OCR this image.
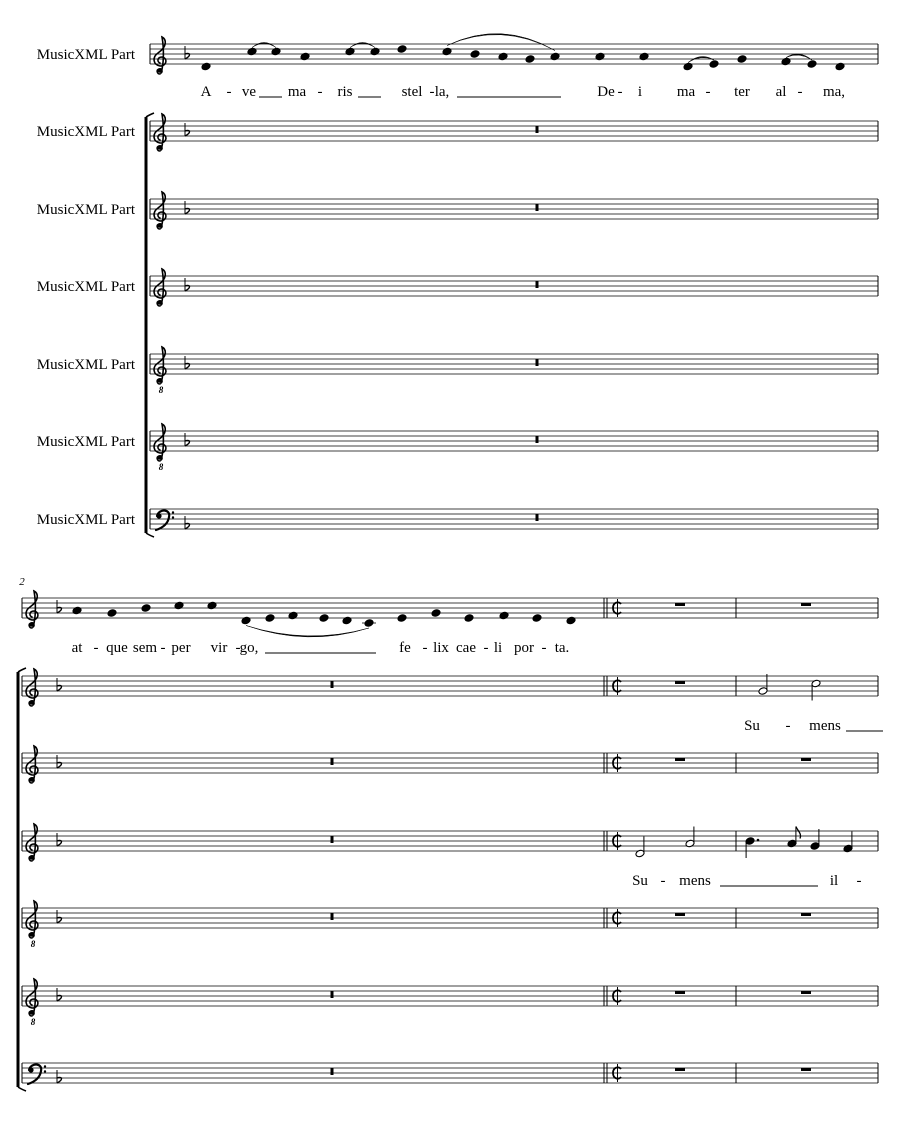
MusicXML Part
MusicXML Part
MusicXML Part
MusicXML Part
MusicXML Part
8
MusicXML Part
8
MusicXML Part
A - ve ma - ris	stel - la,	De - i ma - ter al - ma,
2
8
8
at - que sem - per vir - go,	fe - lix cae - li por - ta.
Su - mens
Su - mens	il -
